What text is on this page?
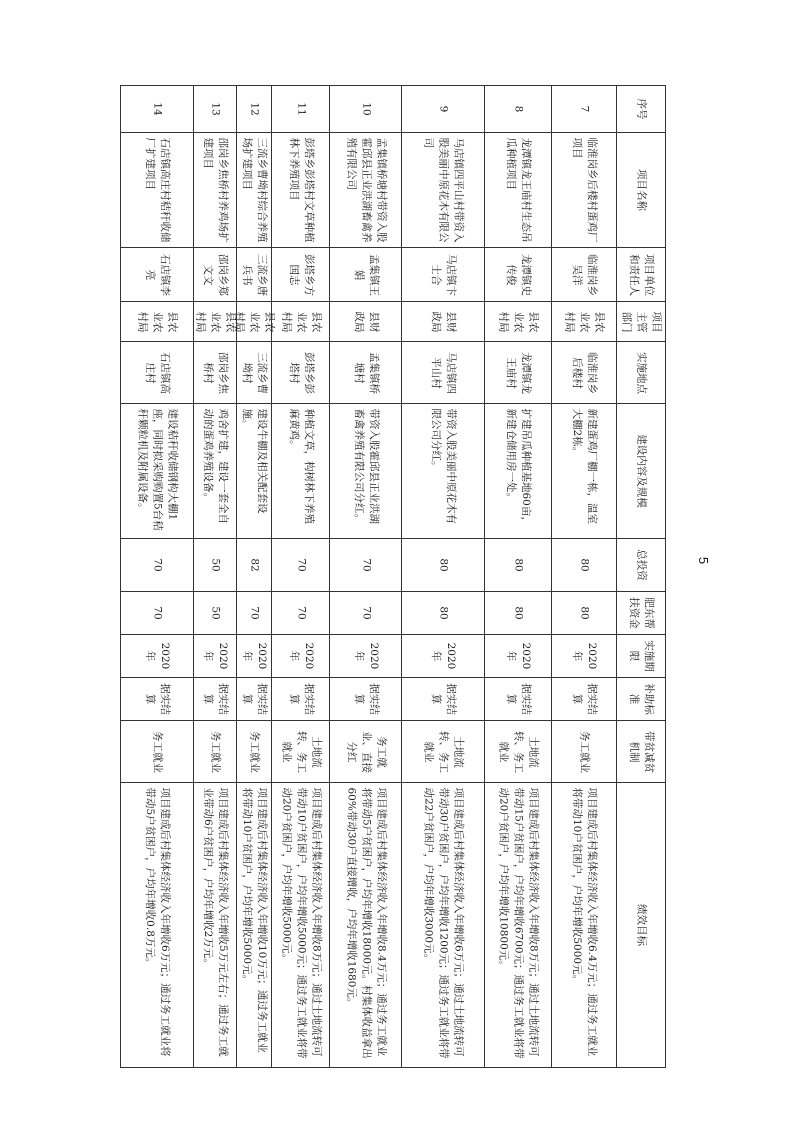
序号
项目名称
项目单位和责任人
项目主管部门
实施地点
建设内容及规模
总投资
肥东帮扶资金
实施期限
补助标准
带贫减贫机制
绩效目标
7
临淮岗乡后楼村蛋鸡厂项目
临淮岗乡吴洋
县农业农村局
临淮岗乡后楼村
新建蛋鸡厂棚一栋，温室大棚2栋。
80
80
2020年
据实结算
务工就业
项目建成后村集体经济收入年增收6.4万元；通过务工就业将带动10户贫困户，户均年增收5000元。
8
龙潭镇龙王庙村生态吊瓜种植项目
龙潭镇史传俊
县农业农村局
龙潭镇龙王庙村
扩建吊瓜种植基地60亩，新建仓储用房一处。
80
80
2020年
据实结算
土地流转、务工就业
项目建成后村集体经济收入年增收8万元；通过土地流转可带动15户贫困户，户均年增收6700元；通过务工就业将带动20户贫困户，户均年增收10800元。
9
马店镇四平山村带资入股美丽中原花木有限公司
马店镇卞士合
县财政局
马店镇四平山村
带资入股美丽中原花木有限公司分红。
80
80
2020年
据实结算
土地流转、务工就业
项目建成后村集体经济收入年增收6万元；通过土地流转可带动30户贫困户，户均年增收1200元；通过务工就业将带动22户贫困户，户均年增收3000元。
10
孟集镇桥塘村带资入股霍邱县正业洪湖畜禽养殖有限公司
孟集镇王娟
县财政局
孟集镇桥塘村
带资入股霍邱县正业洪湖畜禽养殖有限公司分红。
70
70
2020年
据实结算
务工就业、直接分红
项目建成后村集体经济收入年增收8.4万元；通过务工就业将带动5户贫困户，户均年增收18000元。村集体收益拿出60%带动30户直接增收，户均年增收1680元。
11
彭塔乡彭塔村文草种植林下养殖项目
彭塔乡方国志
县农业农村局
彭塔乡彭塔村
种植文草，构树林下养殖麻黄鸡。
70
70
2020年
据实结算
土地流转、务工就业
项目建成后村集体经济收入年增收8万元；通过土地流转可带动10户贫困户，户均年增收5000元；通过务工就业将带动20户贫困户，户均年增收5000元。
12
三流乡曹坳村综合养殖场扩建项目
三流乡唐兵书
县农业农村局
三流乡曹坳村
建设牛棚及相关配套设施。
82
70
2020年
据实结算
务工就业
项目建成后村集体经济收入年增收10万元；通过务工就业将带动10户贫困户，户均年增收5000元。
13
邵岗乡焦桥村养鸡场扩建项目
邵岗乡郑文文
县农业农村局
邵岗乡焦桥村
鸡舍扩建，建设一套全自动的蛋鸡养殖设备。
50
50
2020年
据实结算
务工就业
项目建成后村集体经济收入年增收5万元左右；通过务工就业带动6户贫困户，户均年增收2万元。
14
石店镇高庄村秸秆收储厂扩建项目
石店镇李亮
县农业农村局
石店镇高庄村
建设秸秆收储钢构大棚1座，同时拟采购购置5台秸秆颗粒机及附属设备。
70
70
2020年
据实结算
务工就业
项目建成后村集体经济收入年增收6万元；通过务工就业将带动5户贫困户，户均年增收0.8万元。
5
